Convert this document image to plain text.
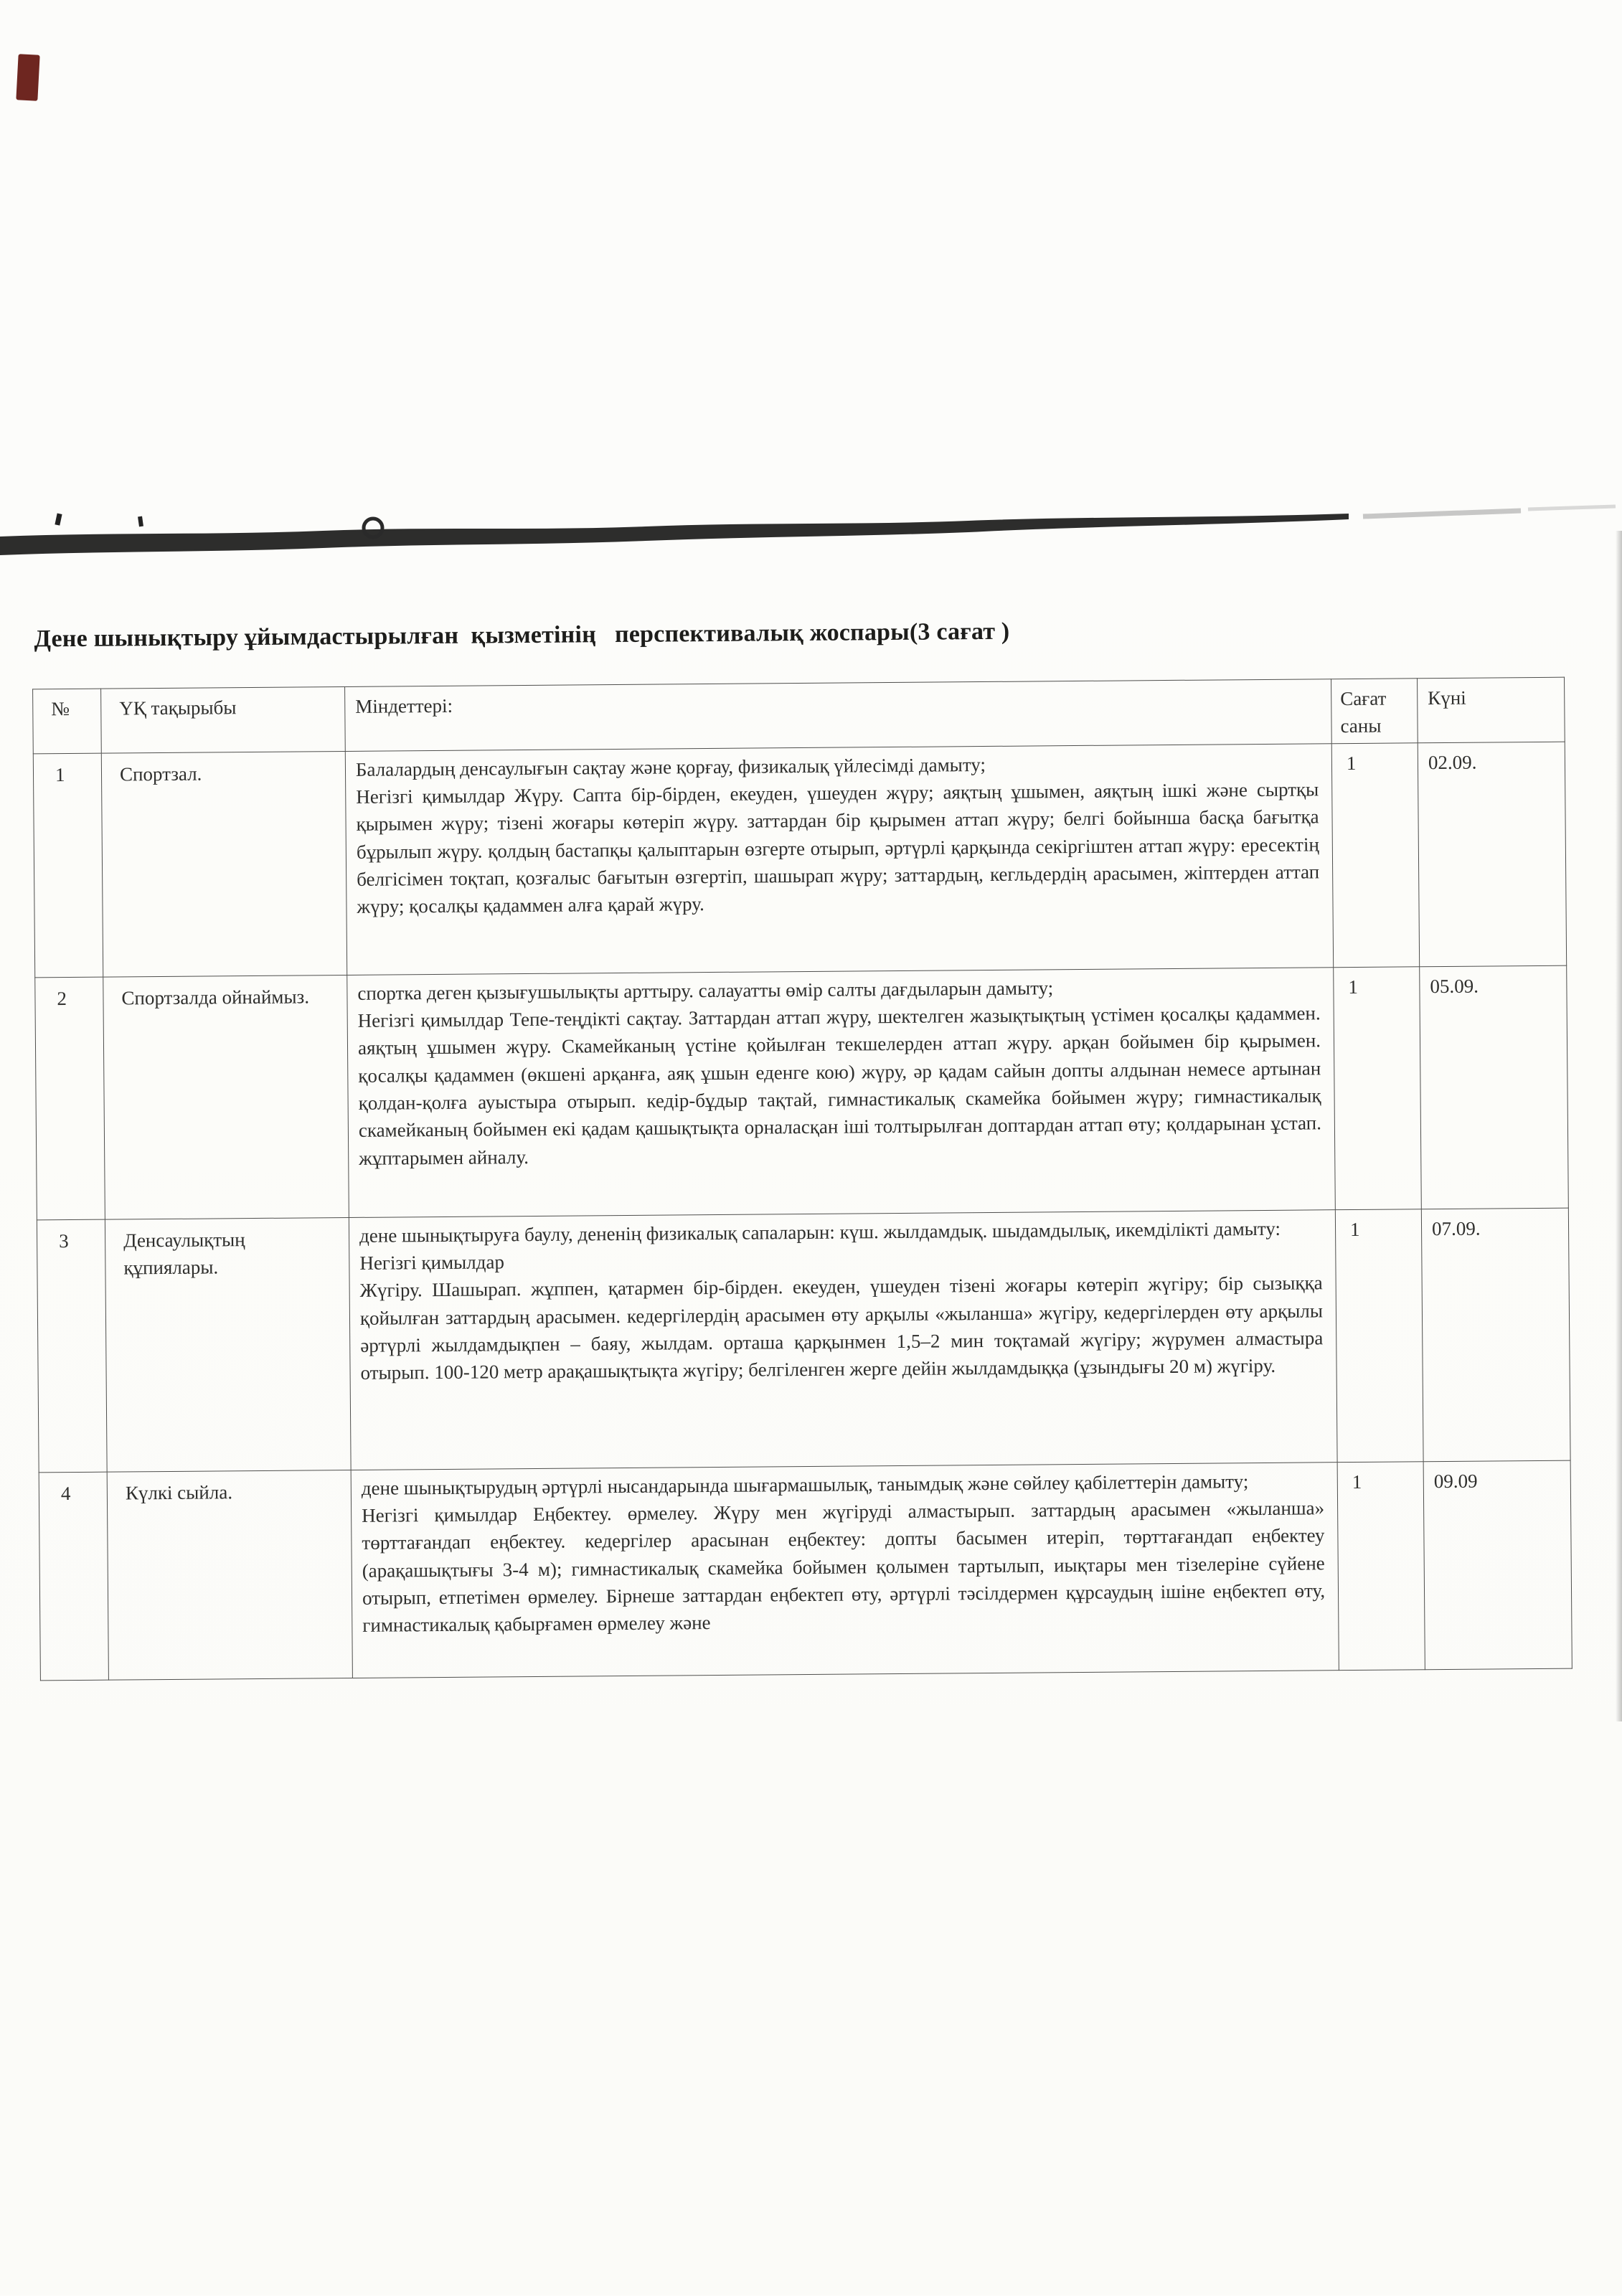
Дене шынықтыру ұйымдастырылған  қызметінің   перспективалық жоспары(3 сағат )
№	ҮҚ тақырыбы	Міндеттері:	Сағат саны	Күні
1	Спортзал.	Балалардың денсаулығын сақтау және қорғау, физикалық үйлесімді дамыту;
Негізгі қимылдар Жүру. Сапта бір-бірден, екеуден, үшеуден жүру; аяқтың ұшымен, аяқтың ішкі және сыртқы қырымен жүру; тізені жоғары көтеріп жүру. заттардан бір қырымен аттап жүру; белгі бойынша басқа бағытқа бұрылып жүру. қолдың бастапқы қалыптарын өзгерте отырып, әртүрлі қарқында секіргіштен аттап жүру: ересектің белгісімен тоқтап, қозғалыс бағытын өзгертіп, шашырап жүру; заттардың, кегльдердің арасымен, жіптерден аттап жүру; қосалқы қадаммен алға қарай жүру.	1	02.09.
2	Спортзалда ойнаймыз.	спортка деген қызығушылықты арттыру. салауатты өмір салты дағдыларын дамыту;
Негізгі қимылдар Тепе-теңдікті сақтау. Заттардан аттап жүру, шектелген жазықтықтың үстімен қосалқы қадаммен. аяқтың ұшымен жүру. Скамейканың үстіне қойылған текшелерден аттап жүру. арқан бойымен бір қырымен. қосалқы қадаммен (өкшені арқанға, аяқ ұшын еденге кою) жүру, әр қадам сайын допты алдынан немесе артынан қолдан-қолға ауыстыра отырып. кедір-бұдыр тақтай, гимнастикалық скамейка бойымен жүру; гимнастикалық скамейканың бойымен екі қадам қашықтықта орналасқан іші толтырылған доптардан аттап өту; қолдарынан ұстап. жұптарымен айналу.	1	05.09.
3	Денсаулықтың құпиялары.	дене шынықтыруға баулу, дененің физикалық сапаларын: күш. жылдамдық. шыдамдылық, икемділікті дамыту:
Негізгі қимылдар
Жүгіру. Шашырап. жұппен, қатармен бір-бірден. екеуден, үшеуден тізені жоғары көтеріп жүгіру; бір сызыққа қойылған заттардың арасымен. кедергілердің арасымен өту арқылы «жыланша» жүгіру, кедергілерден өту арқылы әртүрлі жылдамдықпен – баяу, жылдам. орташа қарқынмен 1,5–2 мин тоқтамай жүгіру; жүрумен алмастыра отырып. 100-120 метр арақашықтықта жүгіру; белгіленген жерге дейін жылдамдыққа (ұзындығы 20 м) жүгіру.	1	07.09.
4	Күлкі сыйла.	дене шынықтырудың әртүрлі нысандарында шығармашылық, танымдық және сөйлеу қабілеттерін дамыту;
Негізгі қимылдар Еңбектеу. өрмелеу. Жүру мен жүгіруді алмастырып. заттардың арасымен «жыланша» төрттағандап еңбектеу. кедергілер арасынан еңбектеу: допты басымен итеріп, төрттағандап еңбектеу (арақашықтығы 3-4 м); гимнастикалық скамейка бойымен қолымен тартылып, иықтары мен тізелеріне сүйене отырып, етпетімен өрмелеу. Бірнеше заттардан еңбектеп өту, әртүрлі тәсілдермен құрсаудың ішіне еңбектеп өту, гимнастикалық қабырғамен өрмелеу және	1	09.09
